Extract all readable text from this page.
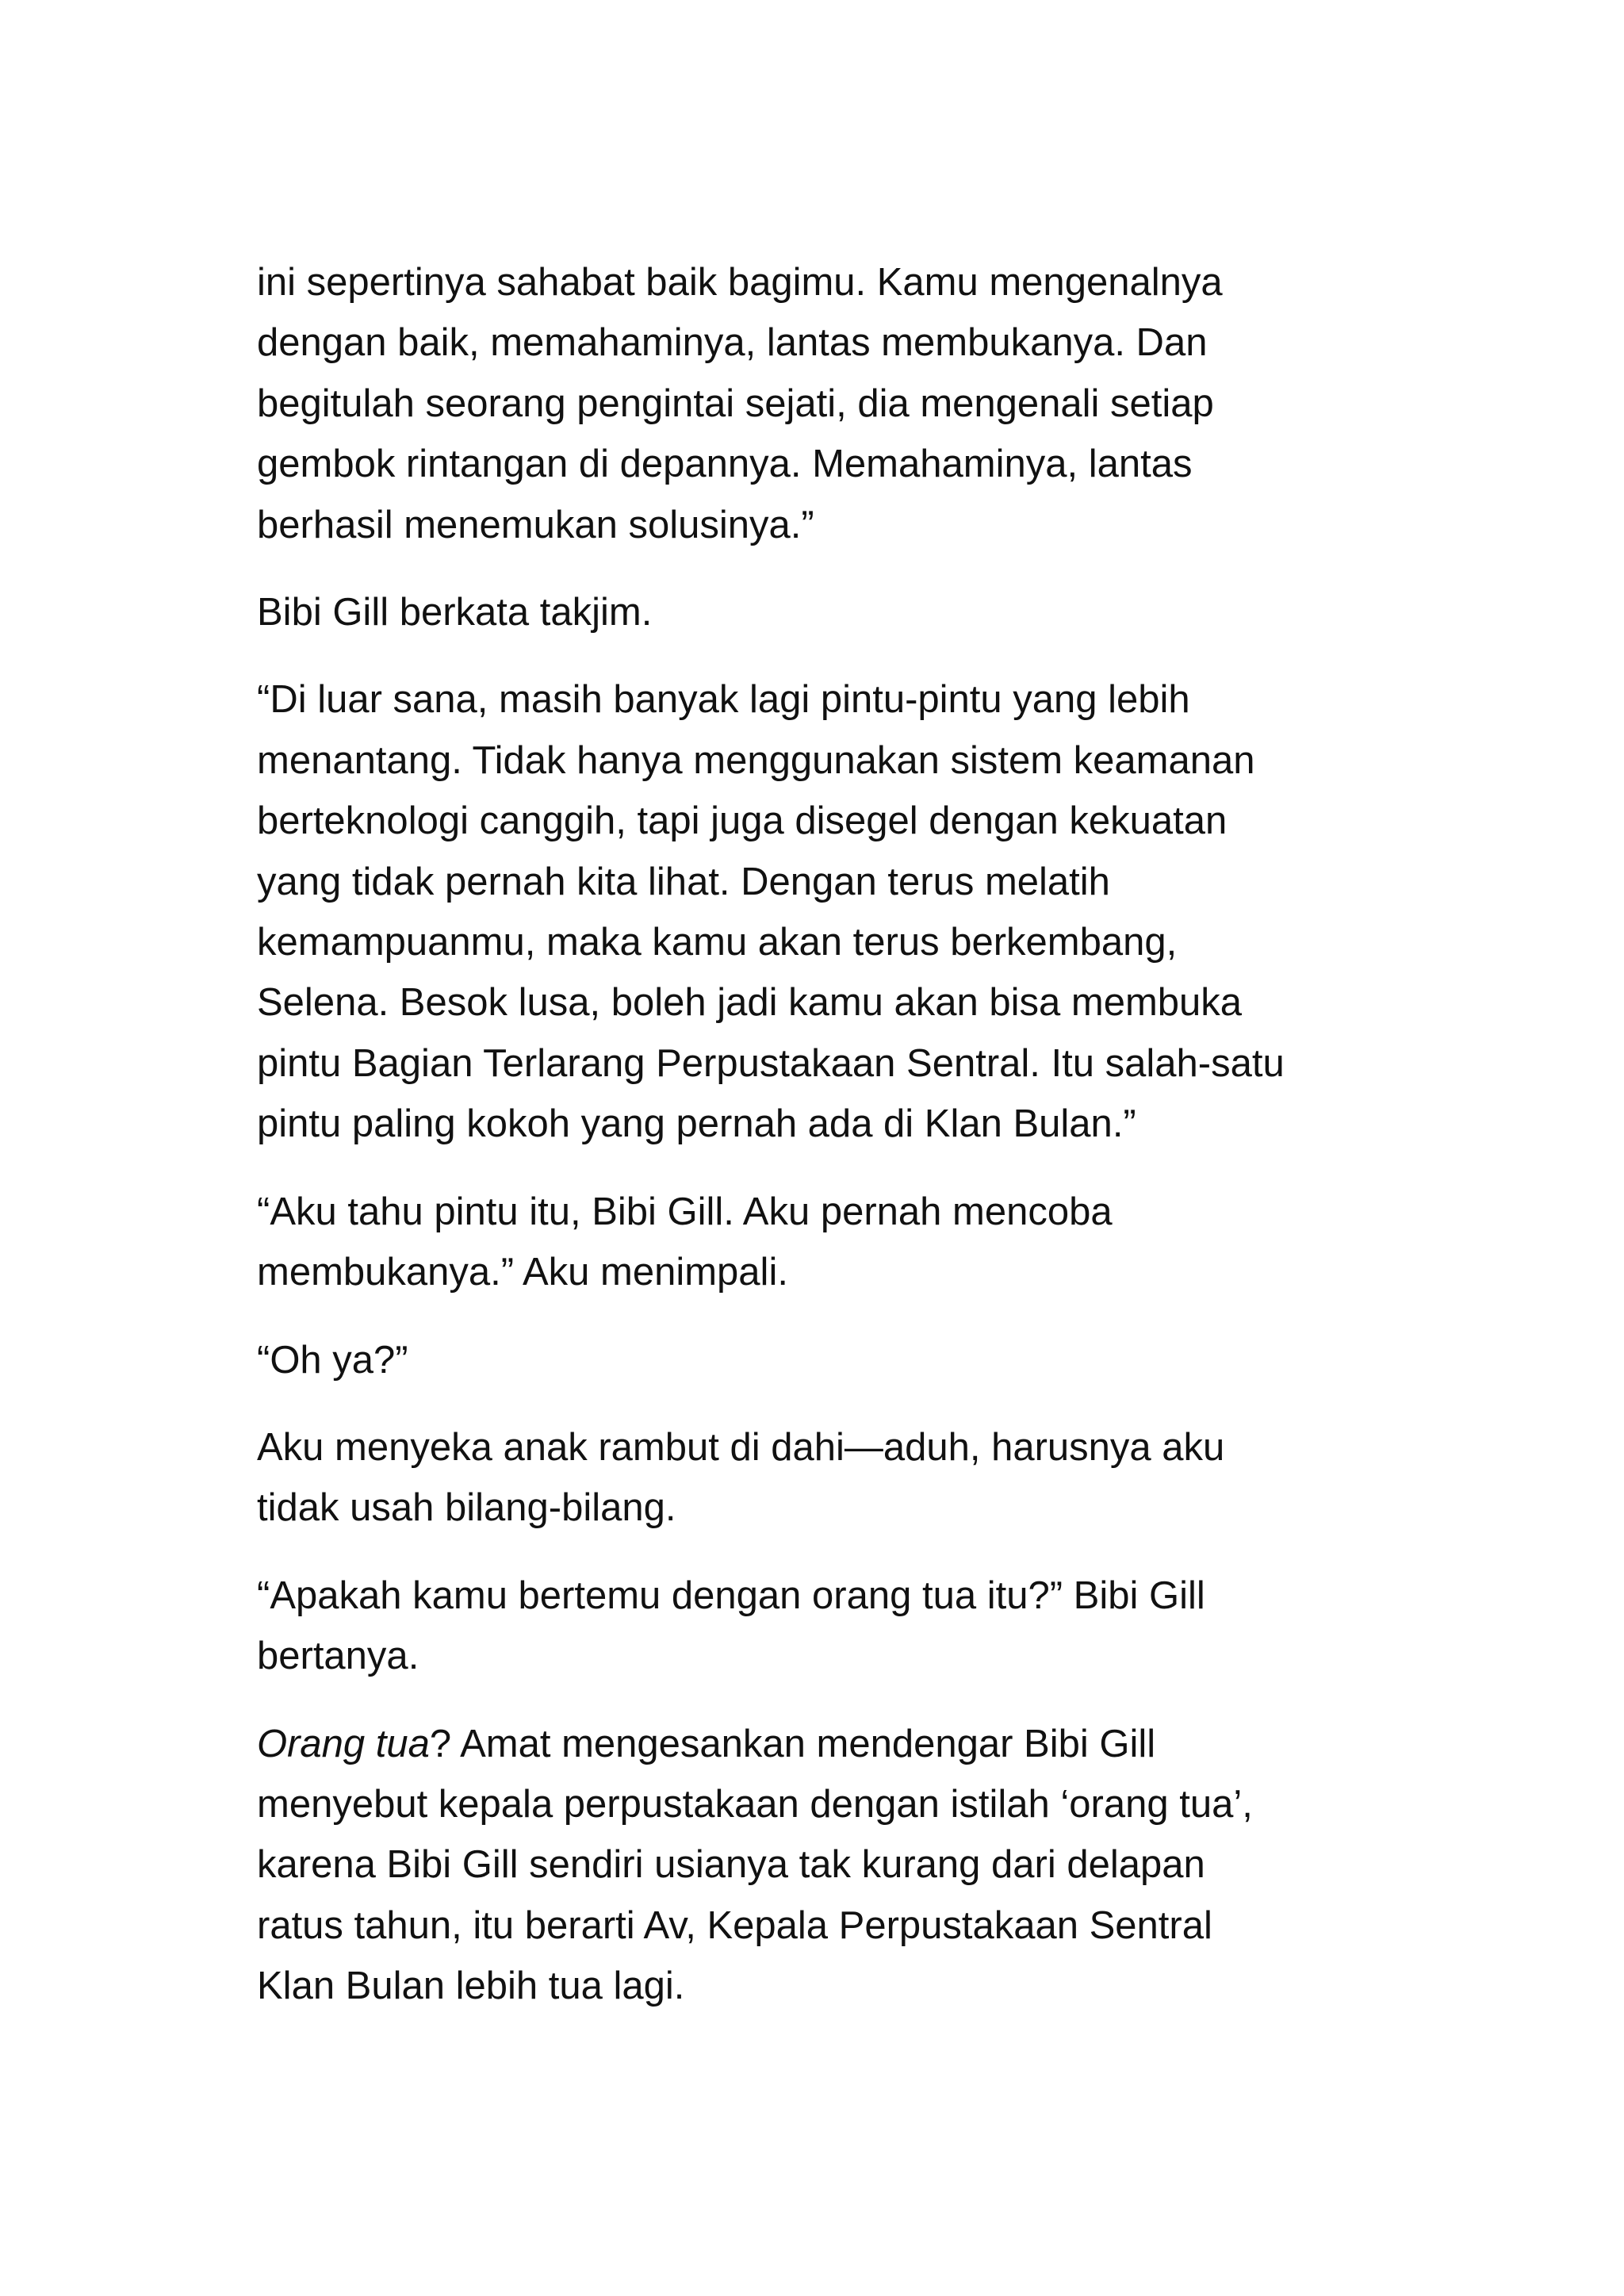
ini sepertinya sahabat baik bagimu. Kamu mengenalnya
dengan baik, memahaminya, lantas membukanya. Dan
begitulah seorang pengintai sejati, dia mengenali setiap
gembok rintangan di depannya. Memahaminya, lantas
berhasil menemukan solusinya.”

Bibi Gill berkata takjim.

“Di luar sana, masih banyak lagi pintu-pintu yang lebih
menantang. Tidak hanya menggunakan sistem keamanan
berteknologi canggih, tapi juga disegel dengan kekuatan
yang tidak pernah kita lihat. Dengan terus melatih
kemampuanmu, maka kamu akan terus berkembang,
Selena. Besok lusa, boleh jadi kamu akan bisa membuka
pintu Bagian Terlarang Perpustakaan Sentral. Itu salah-satu
pintu paling kokoh yang pernah ada di Klan Bulan.”

“Aku tahu pintu itu, Bibi Gill. Aku pernah mencoba
membukanya.” Aku menimpali.

“Oh ya?”

Aku menyeka anak rambut di dahi—aduh, harusnya aku
tidak usah bilang-bilang.

“Apakah kamu bertemu dengan orang tua itu?” Bibi Gill
bertanya.

Orang tua? Amat mengesankan mendengar Bibi Gill
menyebut kepala perpustakaan dengan istilah ‘orang tua’,
karena Bibi Gill sendiri usianya tak kurang dari delapan
ratus tahun, itu berarti Av, Kepala Perpustakaan Sentral
Klan Bulan lebih tua lagi.
